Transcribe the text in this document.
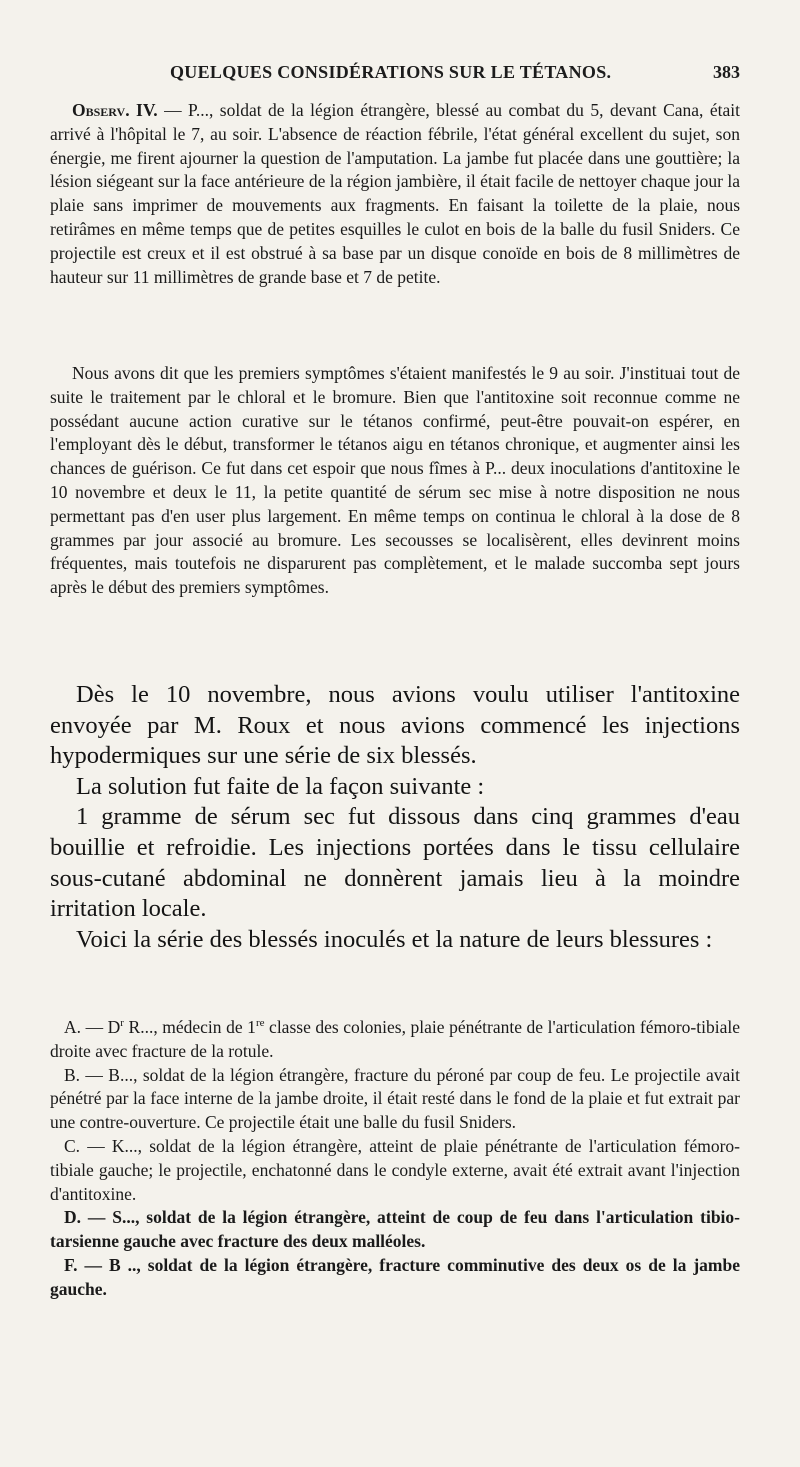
QUELQUES CONSIDÉRATIONS SUR LE TÉTANOS.	383

Observ. IV. — P..., soldat de la légion étrangère, blessé au combat du 5, devant Cana, était arrivé à l'hôpital le 7, au soir. L'absence de réaction fébrile, l'état général excellent du sujet, son énergie, me firent ajourner la question de l'amputation. La jambe fut placée dans une gouttière; la lésion siégeant sur la face antérieure de la région jambière, il était facile de nettoyer chaque jour la plaie sans imprimer de mouvements aux fragments. En faisant la toilette de la plaie, nous retirâmes en même temps que de petites esquilles le culot en bois de la balle du fusil Sniders. Ce projectile est creux et il est obstrué à sa base par un disque conoïde en bois de 8 millimètres de hauteur sur 11 millimètres de grande base et 7 de petite.

Nous avons dit que les premiers symptômes s'étaient manifestés le 9 au soir. J'instituai tout de suite le traitement par le chloral et le bromure. Bien que l'antitoxine soit reconnue comme ne possédant aucune action curative sur le tétanos confirmé, peut-être pouvait-on espérer, en l'employant dès le début, transformer le tétanos aigu en tétanos chronique, et augmenter ainsi les chances de guérison. Ce fut dans cet espoir que nous fîmes à P... deux inoculations d'antitoxine le 10 novembre et deux le 11, la petite quantité de sérum sec mise à notre disposition ne nous permettant pas d'en user plus largement. En même temps on continua le chloral à la dose de 8 grammes par jour associé au bromure. Les secousses se localisèrent, elles devinrent moins fréquentes, mais toutefois ne disparurent pas complètement, et le malade succomba sept jours après le début des premiers symptômes.

Dès le 10 novembre, nous avions voulu utiliser l'antitoxine envoyée par M. Roux et nous avions commencé les injections hypodermiques sur une série de six blessés.

La solution fut faite de la façon suivante :

1 gramme de sérum sec fut dissous dans cinq grammes d'eau bouillie et refroidie. Les injections portées dans le tissu cellulaire sous-cutané abdominal ne donnèrent jamais lieu à la moindre irritation locale.

Voici la série des blessés inoculés et la nature de leurs blessures :

A. — $D^r$ R..., médecin de 1re classe des colonies, plaie pénétrante de l'articulation fémoro-tibiale droite avec fracture de la rotule.

B. — B..., soldat de la légion étrangère, fracture du péroné par coup de feu. Le projectile avait pénétré par la face interne de la jambe droite, il était resté dans le fond de la plaie et fut extrait par une contre-ouverture. Ce projectile était une balle du fusil Sniders.

C. — K..., soldat de la légion étrangère, atteint de plaie pénétrante de l'articulation fémoro-tibiale gauche; le projectile, enchatonné dans le condyle externe, avait été extrait avant l'injection d'antitoxine.

D. — S..., soldat de la légion étrangère, atteint de coup de feu dans l'articulation tibio-tarsienne gauche avec fracture des deux malléoles.

F. — B .., soldat de la légion étrangère, fracture comminutive des deux os de la jambe gauche.
